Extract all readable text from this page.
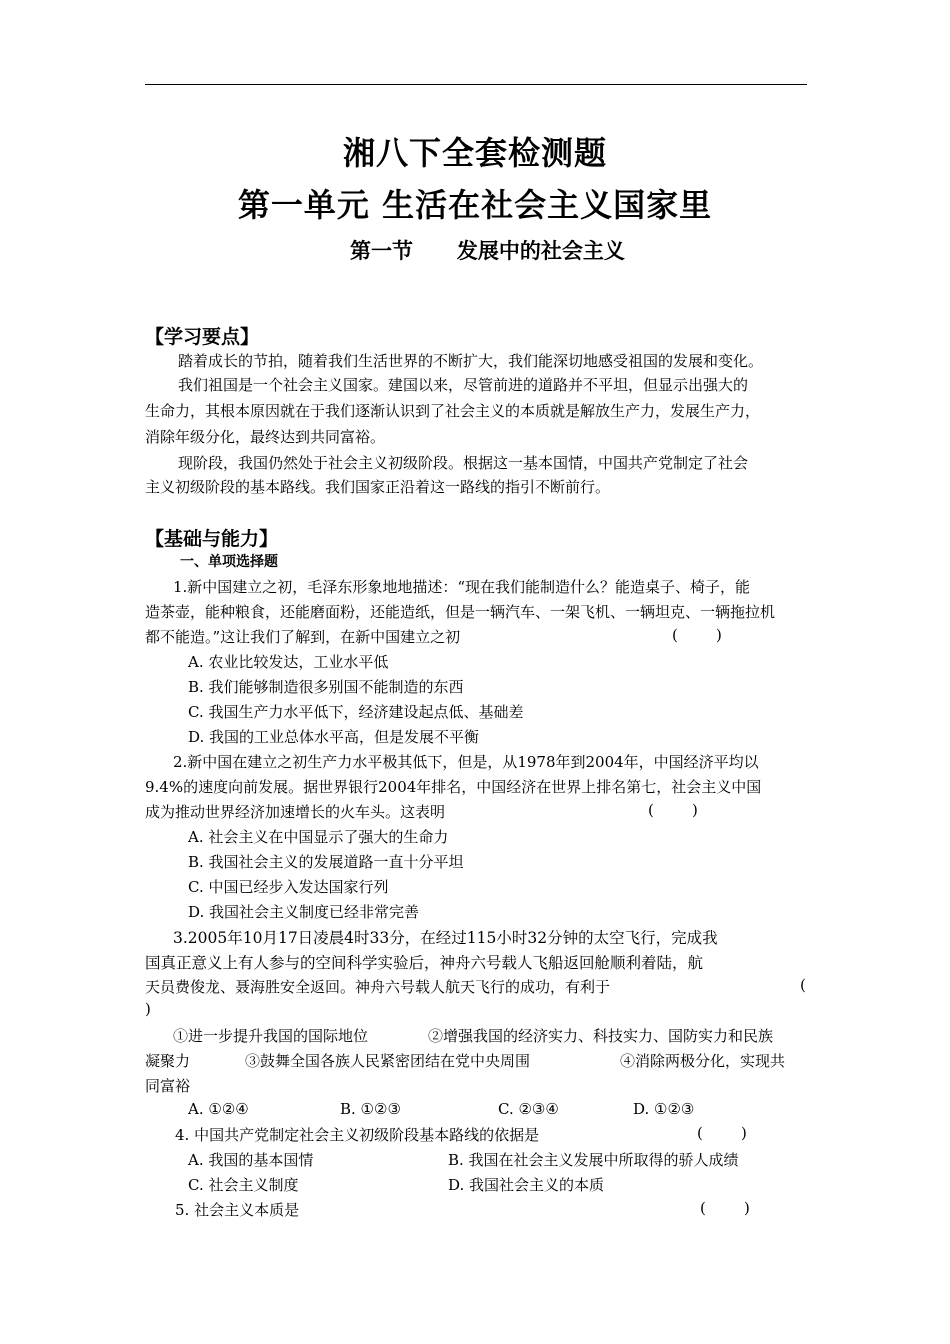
湘八下全套检测题
第一单元 生活在社会主义国家里
第一节      发展中的社会主义
【学习要点】
踏着成长的节拍，随着我们生活世界的不断扩大，我们能深切地感受祖国的发展和变化。
我们祖国是一个社会主义国家。建国以来，尽管前进的道路并不平坦，但显示出强大的
生命力，其根本原因就在于我们逐渐认识到了社会主义的本质就是解放生产力，发展生产力，
消除年级分化，最终达到共同富裕。
现阶段，我国仍然处于社会主义初级阶段。根据这一基本国情，中国共产党制定了社会
主义初级阶段的基本路线。我们国家正沿着这一路线的指引不断前行。
【基础与能力】
一、单项选择题
1.新中国建立之初，毛泽东形象地地描述：“现在我们能制造什么？能造桌子、椅子，能
造茶壶，能种粮食，还能磨面粉，还能造纸，但是一辆汽车、一架飞机、一辆坦克、一辆拖拉机
都不能造。”这让我们了解到，在新中国建立之初	(        )
A. 农业比较发达，工业水平低
B. 我们能够制造很多别国不能制造的东西
C. 我国生产力水平低下，经济建设起点低、基础差
D. 我国的工业总体水平高，但是发展不平衡
2.新中国在建立之初生产力水平极其低下，但是，从1978年到2004年，中国经济平均以
9.4%的速度向前发展。据世界银行2004年排名，中国经济在世界上排名第七，社会主义中国
成为推动世界经济加速增长的火车头。这表明	(        )
A. 社会主义在中国显示了强大的生命力
B. 我国社会主义的发展道路一直十分平坦
C. 中国已经步入发达国家行列
D. 我国社会主义制度已经非常完善
3.2005年10月17日凌晨4时33分，在经过115小时32分钟的太空飞行，完成我
国真正意义上有人参与的空间科学实验后，神舟六号载人飞船返回舱顺利着陆，航
天员费俊龙、聂海胜安全返回。神舟六号载人航天飞行的成功，有利于	(
)
①进一步提升我国的国际地位	②增强我国的经济实力、科技实力、国防实力和民族
凝聚力	③鼓舞全国各族人民紧密团结在党中央周围	④消除两极分化，实现共
同富裕
A. ①②④	B. ①②③	C. ②③④	D. ①②③
4. 中国共产党制定社会主义初级阶段基本路线的依据是	(        )
A. 我国的基本国情	B. 我国在社会主义发展中所取得的骄人成绩
C. 社会主义制度	D. 我国社会主义的本质
5. 社会主义本质是	(        )
